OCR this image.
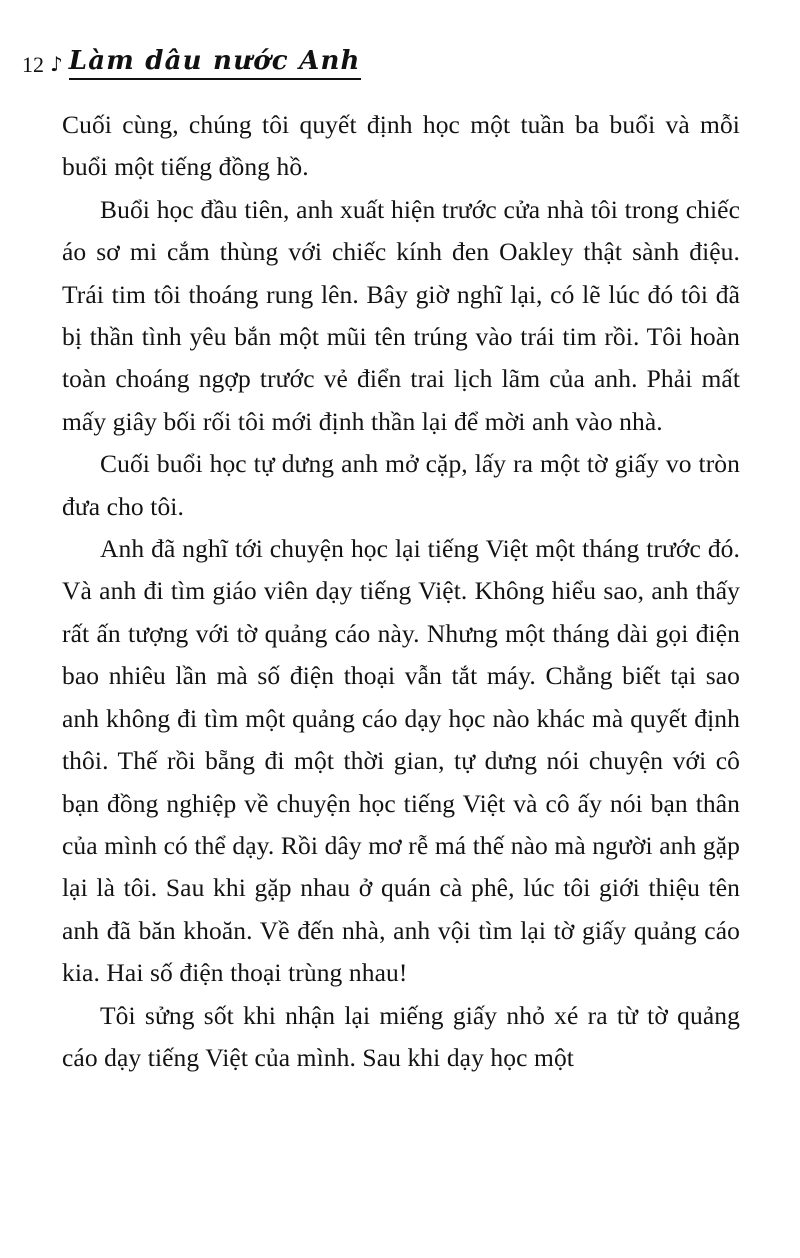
12 ♪ Làm dâu nước Anh

Cuối cùng, chúng tôi quyết định học một tuần ba buổi và mỗi buổi một tiếng đồng hồ.

Buổi học đầu tiên, anh xuất hiện trước cửa nhà tôi trong chiếc áo sơ mi cắm thùng với chiếc kính đen Oakley thật sành điệu. Trái tim tôi thoáng rung lên. Bây giờ nghĩ lại, có lẽ lúc đó tôi đã bị thần tình yêu bắn một mũi tên trúng vào trái tim rồi. Tôi hoàn toàn choáng ngợp trước vẻ điển trai lịch lãm của anh. Phải mất mấy giây bối rối tôi mới định thần lại để mời anh vào nhà.

Cuối buổi học tự dưng anh mở cặp, lấy ra một tờ giấy vo tròn đưa cho tôi.

Anh đã nghĩ tới chuyện học lại tiếng Việt một tháng trước đó. Và anh đi tìm giáo viên dạy tiếng Việt. Không hiểu sao, anh thấy rất ấn tượng với tờ quảng cáo này. Nhưng một tháng dài gọi điện bao nhiêu lần mà số điện thoại vẫn tắt máy. Chẳng biết tại sao anh không đi tìm một quảng cáo dạy học nào khác mà quyết định thôi. Thế rồi bẵng đi một thời gian, tự dưng nói chuyện với cô bạn đồng nghiệp về chuyện học tiếng Việt và cô ấy nói bạn thân của mình có thể dạy. Rồi dây mơ rễ má thế nào mà người anh gặp lại là tôi. Sau khi gặp nhau ở quán cà phê, lúc tôi giới thiệu tên anh đã băn khoăn. Về đến nhà, anh vội tìm lại tờ giấy quảng cáo kia. Hai số điện thoại trùng nhau!

Tôi sửng sốt khi nhận lại miếng giấy nhỏ xé ra từ tờ quảng cáo dạy tiếng Việt của mình. Sau khi dạy học một
